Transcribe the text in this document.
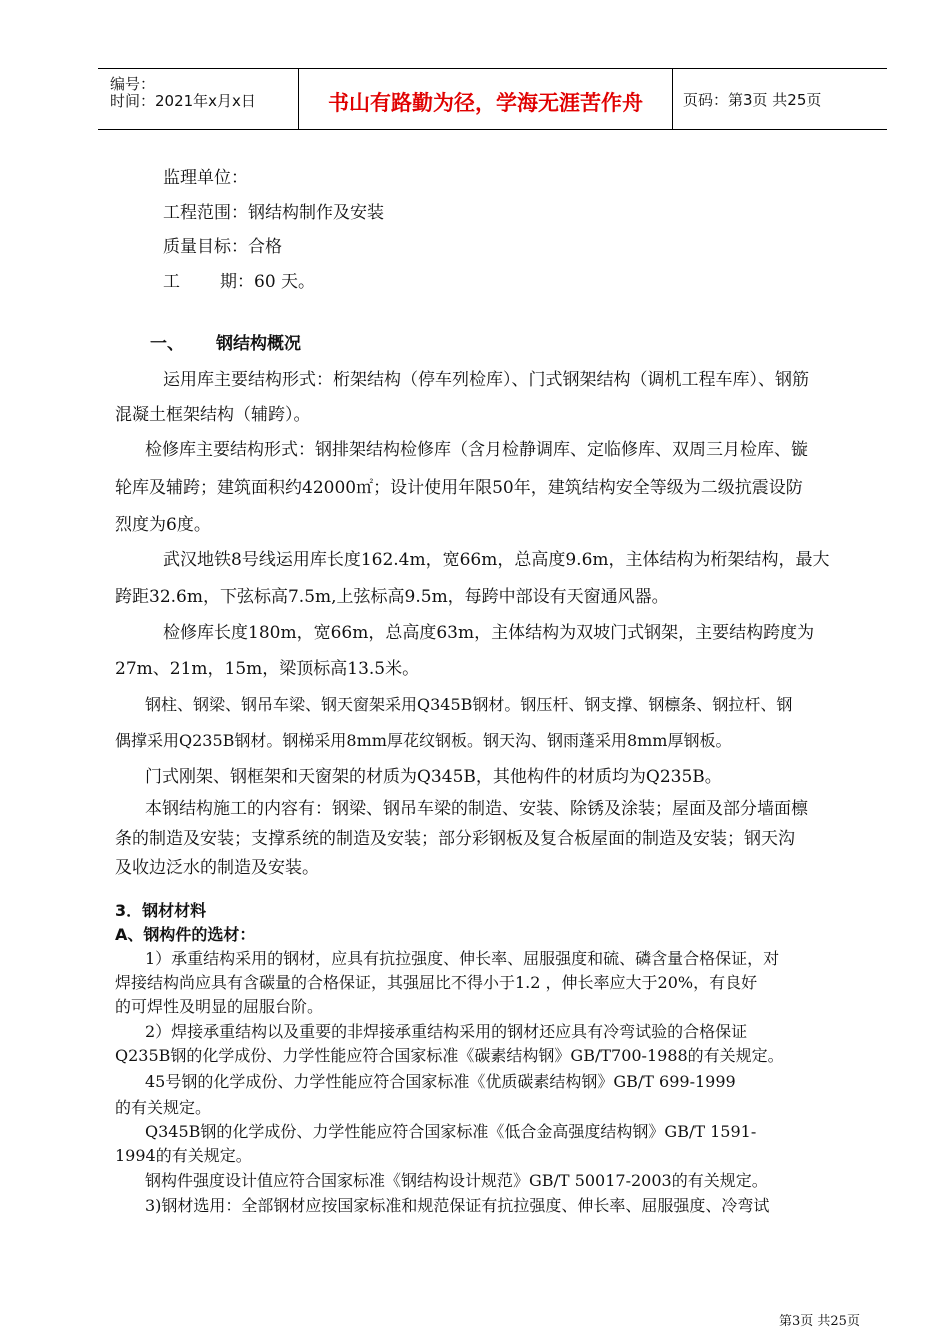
编号：
时间：2021年x月x日	书山有路勤为径，学海无涯苦作舟	页码：第3页 共25页
监理单位：
工程范围：钢结构制作及安装
质量目标：合格
工 期：60 天。
一、 钢结构概况
运用库主要结构形式：桁架结构（停车列检库）、门式钢架结构（调机工程车库）、钢筋
混凝土框架结构（辅跨）。
检修库主要结构形式：钢排架结构检修库（含月检静调库、定临修库、双周三月检库、镟
轮库及辅跨；建筑面积约42000㎡；设计使用年限50年，建筑结构安全等级为二级抗震设防
烈度为6度。
武汉地铁8号线运用库长度162.4m，宽66m，总高度9.6m，主体结构为桁架结构，最大
跨距32.6m，下弦标高7.5m,上弦标高9.5m，每跨中部设有天窗通风器。
检修库长度180m，宽66m，总高度63m，主体结构为双坡门式钢架，主要结构跨度为
27m、21m，15m，梁顶标高13.5米。
钢柱、钢梁、钢吊车梁、钢天窗架采用Q345B钢材。钢压杆、钢支撑、钢檩条、钢拉杆、钢
偶撑采用Q235B钢材。钢梯采用8mm厚花纹钢板。钢天沟、钢雨蓬采用8mm厚钢板。
门式刚架、钢框架和天窗架的材质为Q345B，其他构件的材质均为Q235B。
本钢结构施工的内容有：钢梁、钢吊车梁的制造、安装、除锈及涂装；屋面及部分墙面檩
条的制造及安装；支撑系统的制造及安装；部分彩钢板及复合板屋面的制造及安装；钢天沟
及收边泛水的制造及安装。
3．钢材材料
A、钢构件的选材：
1）承重结构采用的钢材，应具有抗拉强度、伸长率、屈服强度和硫、磷含量合格保证，对
焊接结构尚应具有含碳量的合格保证，其强屈比不得小于1.2 ，伸长率应大于20%，有良好
的可焊性及明显的屈服台阶。
2）焊接承重结构以及重要的非焊接承重结构采用的钢材还应具有冷弯试验的合格保证
Q235B钢的化学成份、力学性能应符合国家标准《碳素结构钢》GB/T700-1988的有关规定。
45号钢的化学成份、力学性能应符合国家标准《优质碳素结构钢》GB/T 699-1999
的有关规定。
Q345B钢的化学成份、力学性能应符合国家标准《低合金高强度结构钢》GB/T 1591-
1994的有关规定。
钢构件强度设计值应符合国家标准《钢结构设计规范》GB/T 50017-2003的有关规定。
3)钢材选用：全部钢材应按国家标准和规范保证有抗拉强度、伸长率、屈服强度、冷弯试
第3页 共25页
